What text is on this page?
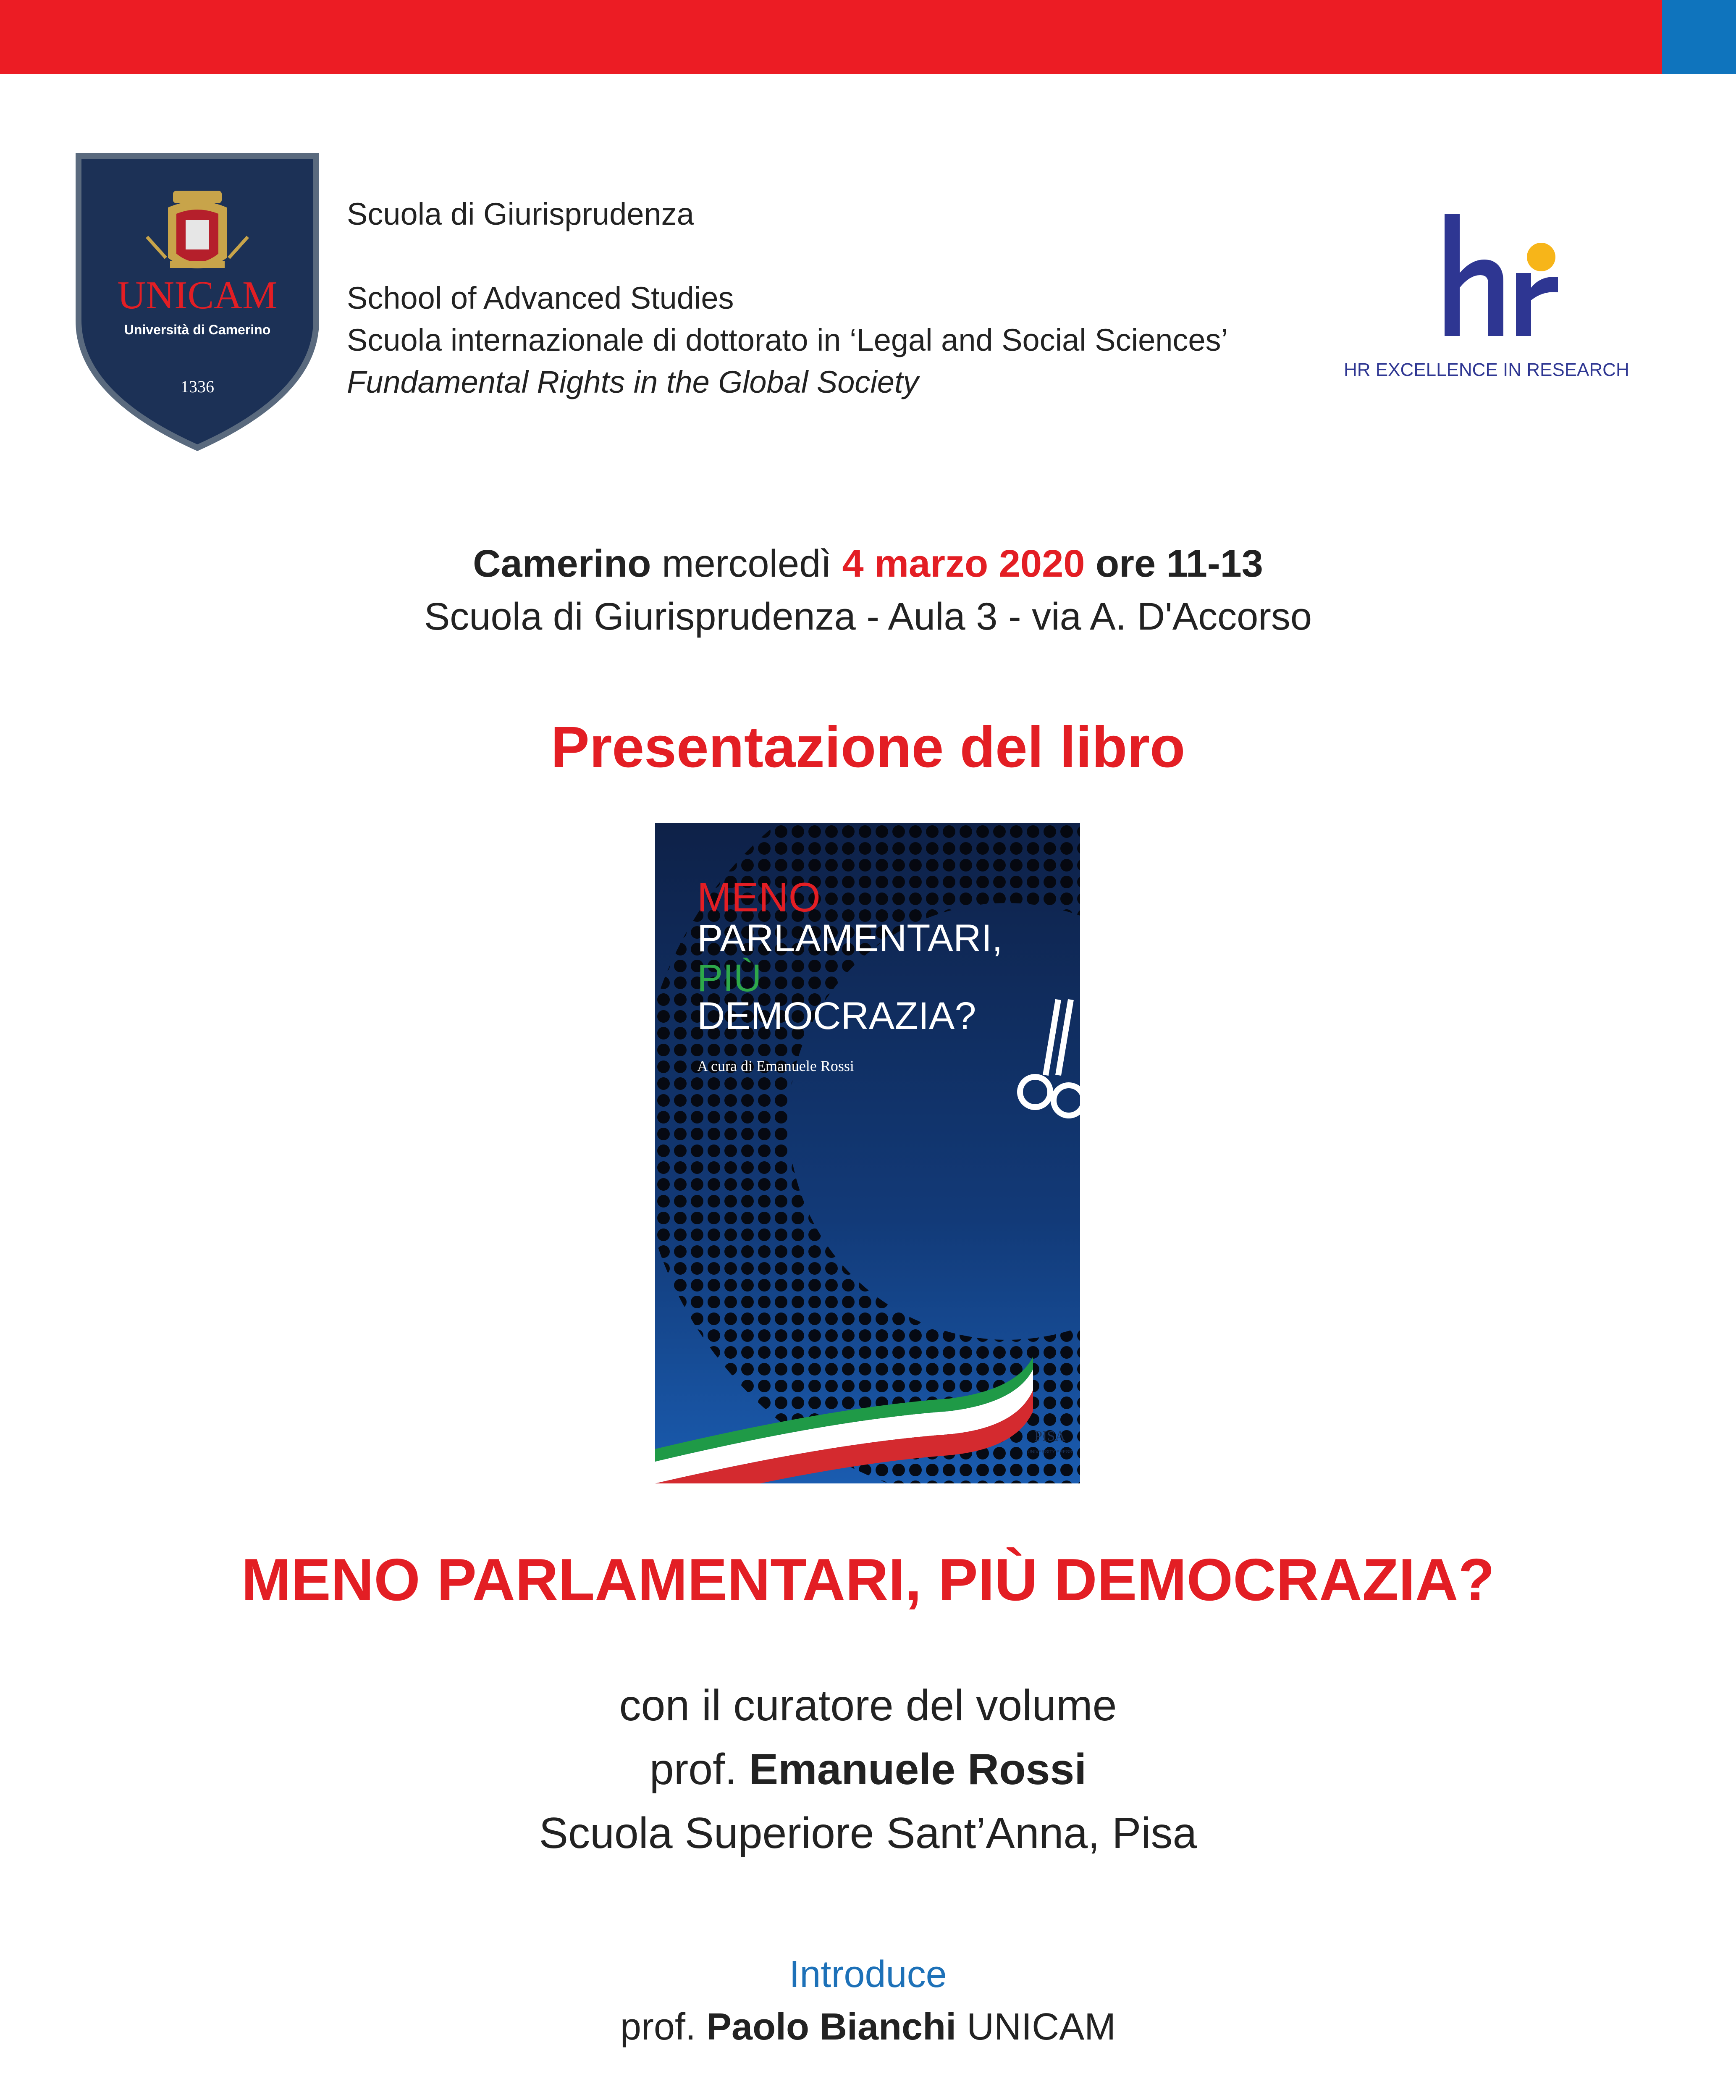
UNICAM
Università di Camerino
1336
Scuola di Giurisprudenza
School of Advanced Studies
Scuola internazionale di dottorato in ‘Legal and Social Sciences’
Fundamental Rights in the Global Society	HR EXCELLENCE IN RESEARCH
Camerino mercoledì 4 marzo 2020 ore 11-13
Scuola di Giurisprudenza - Aula 3 - via A. D'Accorso
Presentazione del libro
MENO
PARLAMENTARI,
PIÙ
DEMOCRAZIA?
A cura di Emanuele Rossi
PISA
UNIVERSITY PRESS
MENO PARLAMENTARI, PIÙ DEMOCRAZIA?
con il curatore del volume
prof. Emanuele Rossi
Scuola Superiore Sant’Anna, Pisa
Introduce
prof. Paolo Bianchi UNICAM
